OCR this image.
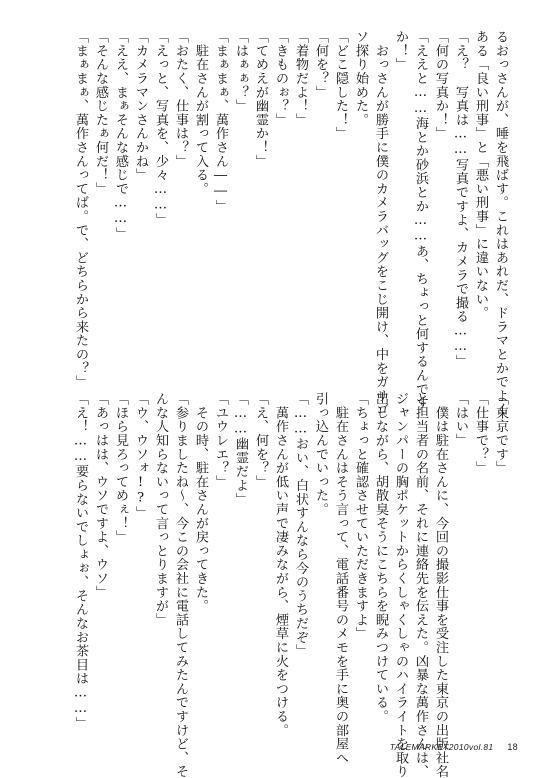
るおっさんが、唾を飛ばす。これはあれだ、ドラマとかでよく
ある「良い刑事」と「悪い刑事」に違いない。
「え？　写真は……写真ですよ、カメラで撮る……」
「何の写真か！」
「ええと……海とか砂浜とか……あ、ちょっと何するんです
か！」
　おっさんが勝手に僕のカメラバッグをこじ開け、中をガサゴ
ソ探り始めた。
「どこ隠した！」
「何を？」
「着物だよ！」
「きものぉ？」
「てめえが幽霊か！」
「はぁぁ？」
「まぁまぁ、萬作さん――」
　駐在さんが割って入る。
「おたく、仕事は？」
「えっと、写真を、少々……」
「カメラマンさんかね」
「ええ、まぁそんな感じで……」
「そんな感じたぁ何だ！」
「まぁまぁ、萬作さんってば。で、どちらから来たの？」
「東京です」
「仕事で？」
「はい」
　僕は駐在さんに、今回の撮影仕事を受注した東京の出版社名
と担当者の名前、それに連絡先を伝えた。凶暴な萬作さんは、
ジャンパーの胸ポケットからくしゃくしゃのハイライトを取り
出しながら、胡散臭そうにこちらを睨みつけている。
「ちょっと確認させていただきますよ」
　駐在さんはそう言って、電話番号のメモを手に奥の部屋へ
引っ込んでいった。
「……おい、白状すんなら今のうちだぞ」
　萬作さんが低い声で凄みながら、煙草に火をつける。
「え、何を？」
「……幽霊だよ」
「ユウレエ？」
　その時、駐在さんが戻ってきた。
「参りましたね～、今この会社に電話してみたんですけど、そ
んな人知らないって言っとりますが」
「ウ、ウソォ!?」
「ほら見ろってめぇ！」
「あっはは、ウソですよ、ウソ」
「え！……要らないでしょぉ、そんなお茶目は……」
TALEMARKET2010vol.81 18
